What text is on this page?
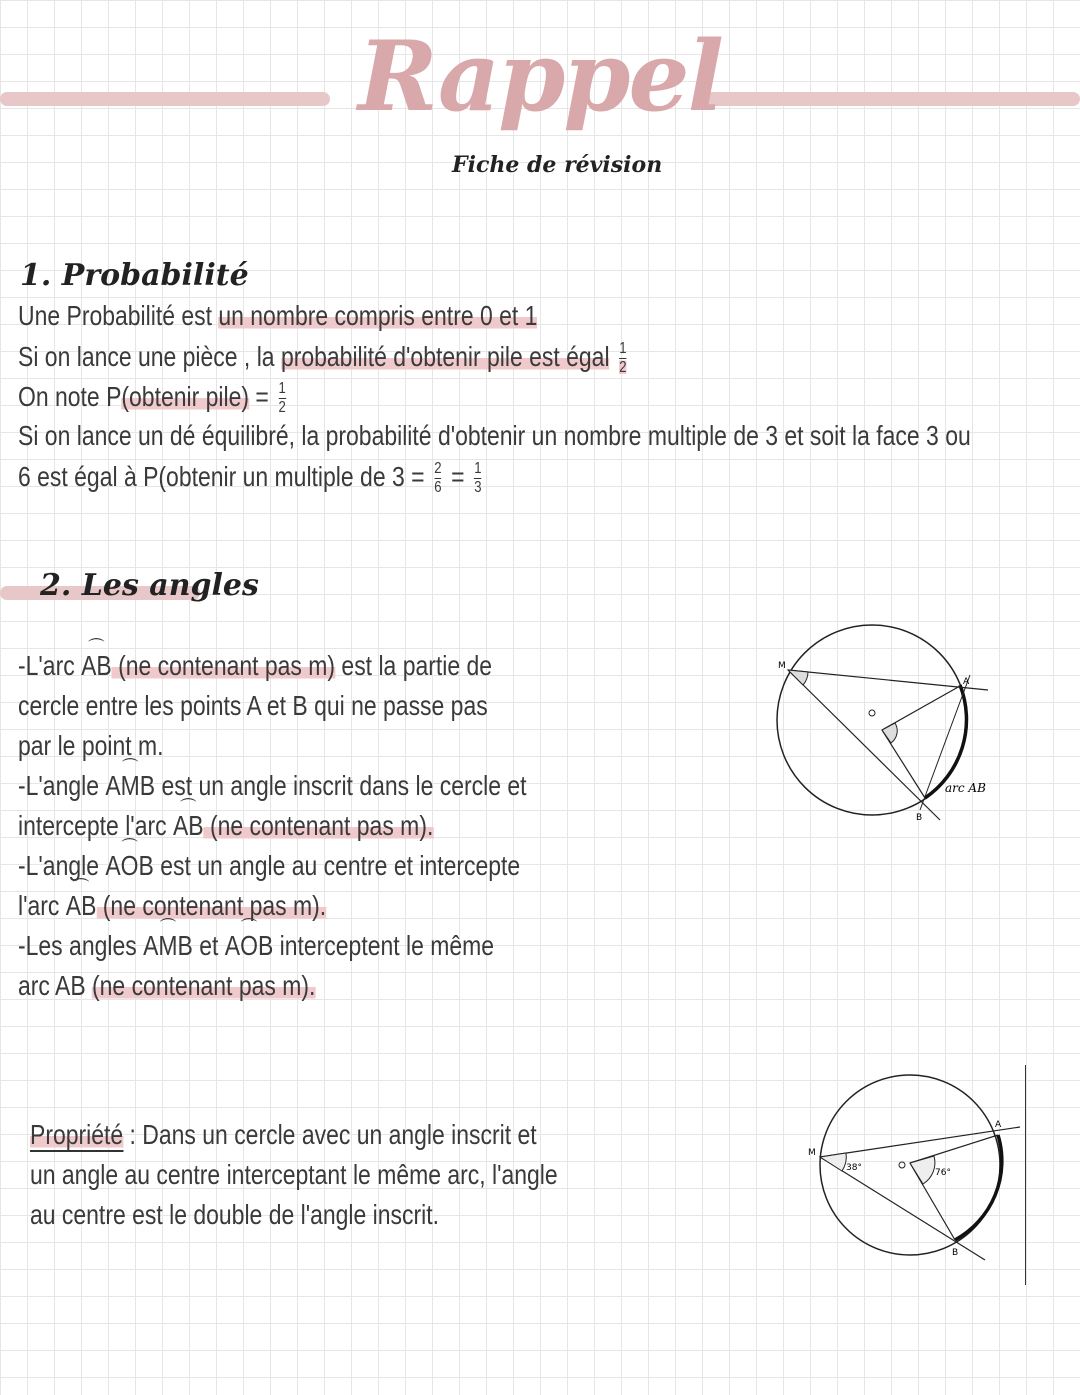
Rappel
Fiche de révision
1. Probabilité
Une Probabilité est un nombre compris entre 0 et 1
Si on lance une pièce , la probabilité d'obtenir pile est égal $\frac{1}{2}$
On note P(obtenir pile) = $\frac{1}{2}$
Si on lance un dé équilibré, la probabilité d'obtenir un nombre multiple de 3 et soit la face 3 ou
6 est égal à P(obtenir un multiple de $3 = \frac{2}{6} = \frac{1}{3}$
2. Les angles
-L'arc ⌒ AB (ne contenant pas m) est la partie de
cercle entre les points A et B qui ne passe pas
par le point m.
-L'angle ⌒ AMB est un angle inscrit dans le cercle et
intercepte l'arc ⌒ AB (ne contenant pas m).
-L'angle ⌒ AOB est un angle au centre et intercepte
l'arc ⌒ AB (ne contenant pas m).
-Les angles ⌒ AMB et ⌒ AOB interceptent le même
arc AB (ne contenant pas m).
M
A
B
arc AB
Propriété : Dans un cercle avec un angle inscrit et
un angle au centre interceptant le même arc, l'angle
au centre est le double de l'angle inscrit.
M
A
B
38°	76°
